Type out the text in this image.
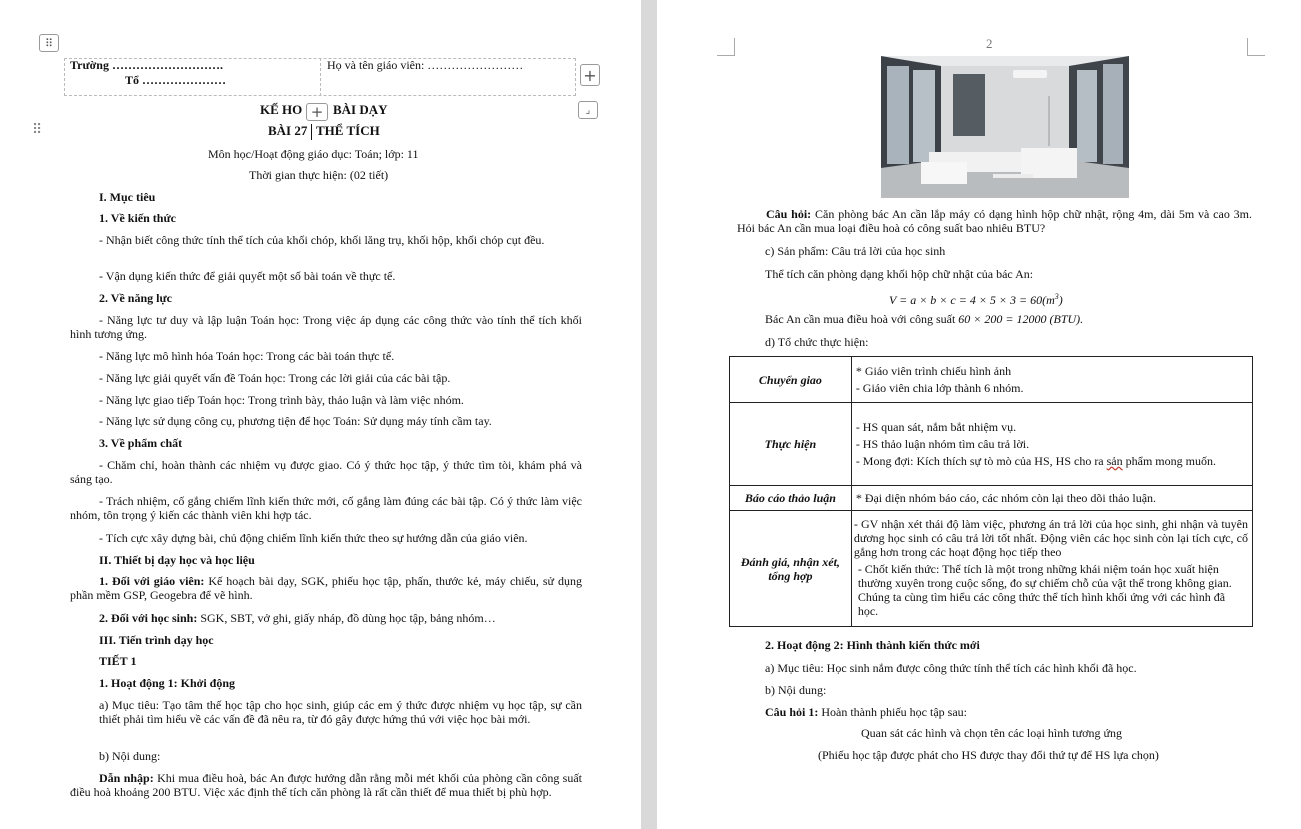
⠿

Trường ……………………….

Tổ …………………

Họ và tên giáo viên: ……………………

+
+	⌟
⠿

KẾ HO BÀI DẠY

BÀI 27 THỂ TÍCH

Môn học/Hoạt động giáo dục: Toán; lớp: 11

Thời gian thực hiện: (02 tiết)

I. Mục tiêu

1. Về kiến thức

- Nhận biết công thức tính thể tích của khối chóp, khối lăng trụ, khối hộp, khối chóp cụt đều.

- Vận dụng kiến thức để giải quyết một số bài toán về thực tế.

2. Về năng lực

- Năng lực tư duy và lập luận Toán học: Trong việc áp dụng các công thức vào tính thể tích khối hình tương ứng.

- Năng lực mô hình hóa Toán học: Trong các bài toán thực tế.

- Năng lực giải quyết vấn đề Toán học: Trong các lời giải của các bài tập.

- Năng lực giao tiếp Toán học: Trong trình bày, thảo luận và làm việc nhóm.

- Năng lực sử dụng công cụ, phương tiện để học Toán: Sử dụng máy tính cầm tay.

3. Về phẩm chất

- Chăm chỉ, hoàn thành các nhiệm vụ được giao. Có ý thức học tập, ý thức tìm tòi, khám phá và sáng tạo.

- Trách nhiệm, cố gắng chiếm lĩnh kiến thức mới, cố gắng làm đúng các bài tập. Có ý thức làm việc nhóm, tôn trọng ý kiến các thành viên khi hợp tác.

- Tích cực xây dựng bài, chủ động chiếm lĩnh kiến thức theo sự hướng dẫn của giáo viên.

II. Thiết bị dạy học và học liệu

1. Đối với giáo viên: Kế hoạch bài dạy, SGK, phiếu học tập, phấn, thước kẻ, máy chiếu, sử dụng phần mềm GSP, Geogebra để vẽ hình.

2. Đối với học sinh: SGK, SBT, vở ghi, giấy nháp, đồ dùng học tập, bảng nhóm…

III. Tiến trình dạy học

TIẾT 1

1. Hoạt động 1: Khởi động

a) Mục tiêu: Tạo tâm thế học tập cho học sinh, giúp các em ý thức được nhiệm vụ học tập, sự cần thiết phải tìm hiểu về các vấn đề đã nêu ra, từ đó gây được hứng thú với việc học bài mới.

b) Nội dung:

Dẫn nhập: Khi mua điều hoà, bác An được hướng dẫn rằng mỗi mét khối của phòng cần công suất điều hoà khoảng 200 BTU. Việc xác định thể tích căn phòng là rất cần thiết để mua thiết bị phù hợp.

2

Câu hỏi: Căn phòng bác An cần lắp máy có dạng hình hộp chữ nhật, rộng 4m, dài 5m và cao 3m. Hỏi bác An cần mua loại điều hoà có công suất bao nhiêu BTU?

c) Sản phẩm: Câu trả lời của học sinh

Thể tích căn phòng dạng khối hộp chữ nhật của bác An:

$V = a \times b \times c = 4 \times 5 \times 3 = 60(m^3)$

Bác An cần mua điều hoà với công suất 60 × 200 = 12000 (BTU).

d) Tổ chức thực hiện:

Chuyển giao	* Giáo viên trình chiếu hình ảnh

- Giáo viên chia lớp thành 6 nhóm.

Thực hiện	- HS quan sát, nắm bắt nhiệm vụ.

- HS thảo luận nhóm tìm câu trả lời.

- Mong đợi: Kích thích sự tò mò của HS, HS cho ra sản phẩm mong muốn.

Báo cáo thảo luận	* Đại diện nhóm báo cáo, các nhóm còn lại theo dõi thảo luận.

Đánh giá, nhận xét, tổng hợp	- GV nhận xét thái độ làm việc, phương án trả lời của học sinh, ghi nhận và tuyên dương học sinh có câu trả lời tốt nhất. Động viên các học sinh còn lại tích cực, cố gắng hơn trong các hoạt động học tiếp theo

- Chốt kiến thức: Thể tích là một trong những khái niệm toán học xuất hiện thường xuyên trong cuộc sống, đo sự chiếm chỗ của vật thể trong không gian. Chúng ta cùng tìm hiểu các công thức thể tích hình khối ứng với các hình đã học.

2. Hoạt động 2: Hình thành kiến thức mới

a) Mục tiêu: Học sinh nắm được công thức tính thể tích các hình khối đã học.

b) Nội dung:

Câu hỏi 1: Hoàn thành phiếu học tập sau:

Quan sát các hình và chọn tên các loại hình tương ứng

(Phiếu học tập được phát cho HS được thay đổi thứ tự để HS lựa chọn)
